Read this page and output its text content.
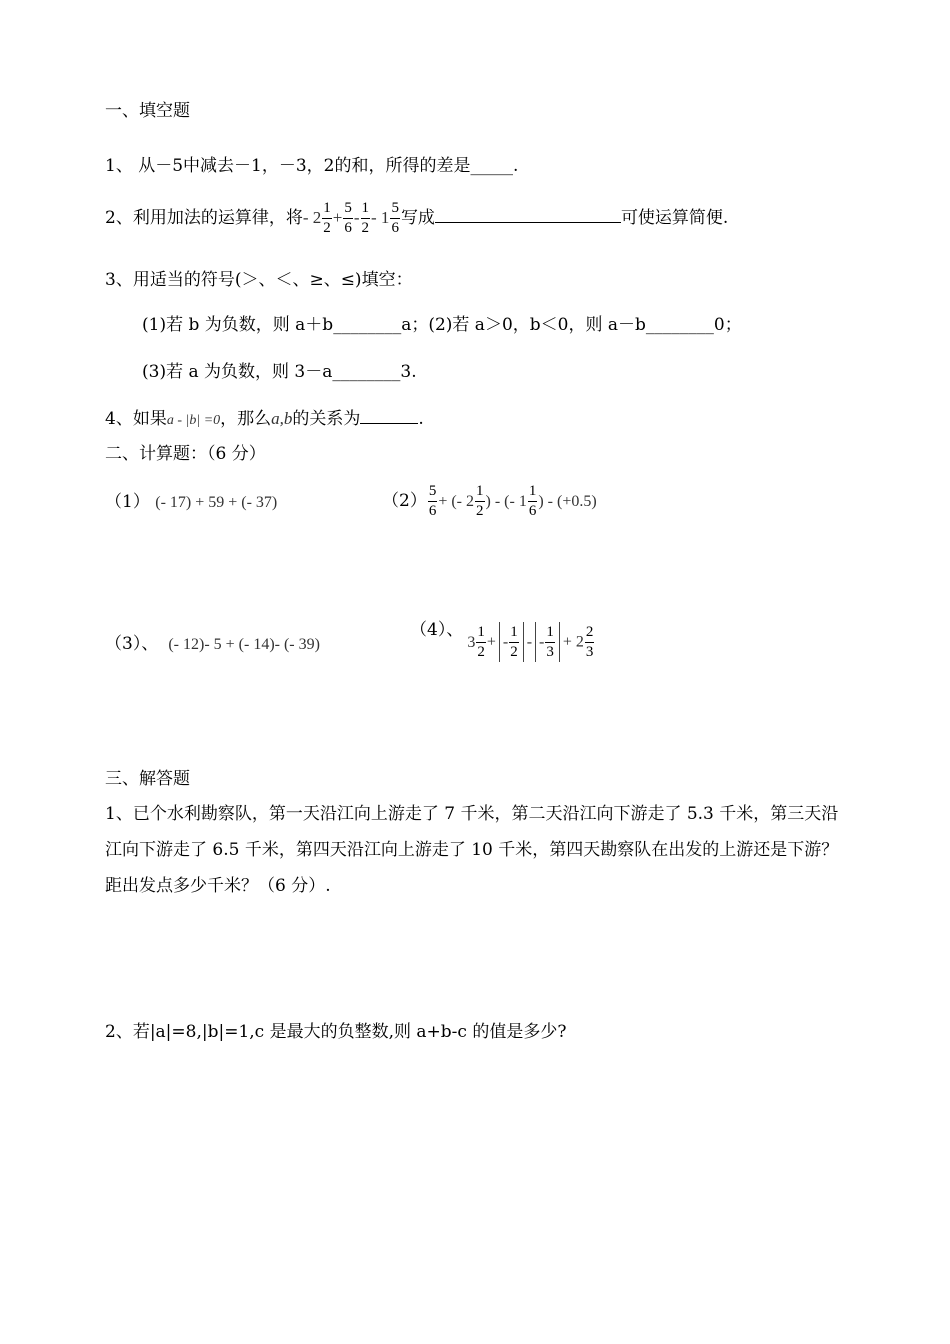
一、填空题
1、 从－5中减去－1，－3，2的和，所得的差是_____.
2、利用加法的运算律，将- $2 \frac{1}{2} + \frac{5}{6} - \frac{1}{2} - 1 \frac{5}{6}$ 写成	可使运算简便.
3、用适当的符号(＞、＜、≥、≤)填空：
(1)若 b 为负数，则 a＋b________a；(2)若 a＞0，b＜0，则 a－b________0；
(3)若 a 为负数，则 3－a________3.
4、如果a - |b| =0，那么a,b的关系为	.
二、计算题：（6 分）
（1） (- 17) + 59 + (- 37)	$(2) \frac{5}{6}$ + (- $2 \frac{1}{2}$ ) - (- $1 \frac{1}{6}$ ) - (+0.5)
（3）、 (- 12)- 5 + (- 14)- (- 39)
（4）、$3 \frac{1}{2}$ + - $\frac{1}{2}$ - - $\frac{1}{3} + 2 \frac{2}{3}$
三、解答题
1、已个水利勘察队，第一天沿江向上游走了 7 千米，第二天沿江向下游走了 5.3 千米，第三天沿江向下游走了 6.5 千米，第四天沿江向上游走了 10 千米，第四天勘察队在出发的上游还是下游？距出发点多少千米？（6 分）.
2、若|a|=8,|b|=1,c 是最大的负整数,则 a+b-c 的值是多少?
